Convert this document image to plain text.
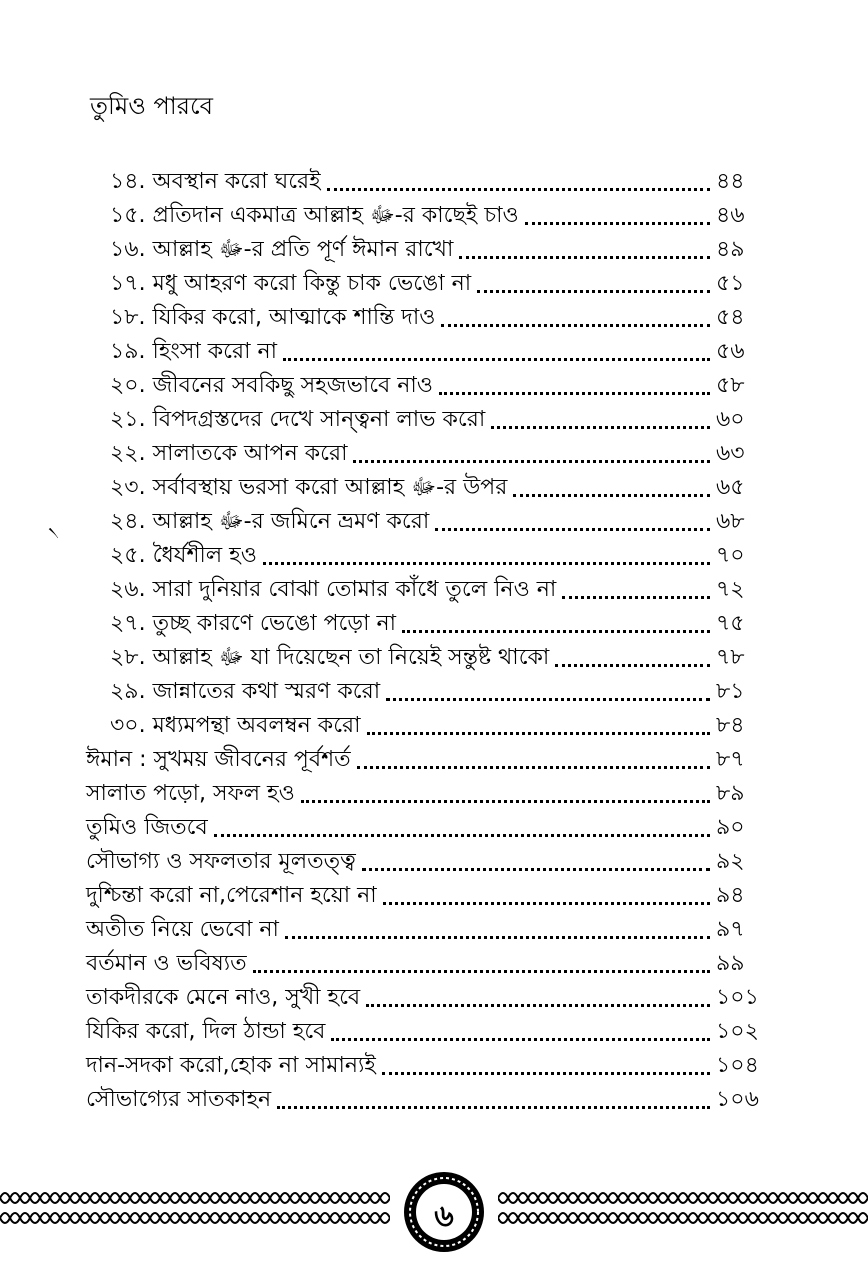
তুমিও পারবে
৲
১৪. অবস্থান করো ঘরেই	৪৪
১৫. প্রতিদান একমাত্র আল্লাহ ﷻ-র কাছেই চাও	৪৬
১৬. আল্লাহ ﷻ-র প্রতি পূর্ণ ঈমান রাখো	৪৯
১৭. মধু আহরণ করো কিন্তু চাক ভেঙো না	৫১
১৮. যিকির করো, আত্মাকে শান্তি দাও	৫৪
১৯. হিংসা করো না	৫৬
২০. জীবনের সবকিছু সহজভাবে নাও	৫৮
২১. বিপদগ্রস্তদের দেখে সান্ত্বনা লাভ করো	৬০
২২. সালাতকে আপন করো	৬৩
২৩. সর্বাবস্থায় ভরসা করো আল্লাহ ﷻ-র উপর	৬৫
২৪. আল্লাহ ﷻ-র জমিনে ভ্রমণ করো	৬৮
২৫. ধৈর্যশীল হও	৭০
২৬. সারা দুনিয়ার বোঝা তোমার কাঁধে তুলে নিও না	৭২
২৭. তুচ্ছ কারণে ভেঙো পড়ো না	৭৫
২৮. আল্লাহ ﷻ যা দিয়েছেন তা নিয়েই সন্তুষ্ট থাকো	৭৮
২৯. জান্নাতের কথা স্মরণ করো	৮১
৩০. মধ্যমপন্থা অবলম্বন করো	৮৪
ঈমান : সুখময় জীবনের পূর্বশর্ত	৮৭
সালাত পড়ো, সফল হও	৮৯
তুমিও জিতবে	৯০
সৌভাগ্য ও সফলতার মূলতত্ত্ব	৯২
দুশ্চিন্তা করো না,পেরেশান হয়ো না	৯৪
অতীত নিয়ে ভেবো না	৯৭
বর্তমান ও ভবিষ্যত	৯৯
তাকদীরকে মেনে নাও, সুখী হবে	১০১
যিকির করো, দিল ঠান্ডা হবে	১০২
দান-সদকা করো,হোক না সামান্যই	১০৪
সৌভাগ্যের সাতকাহন	১০৬
৬
